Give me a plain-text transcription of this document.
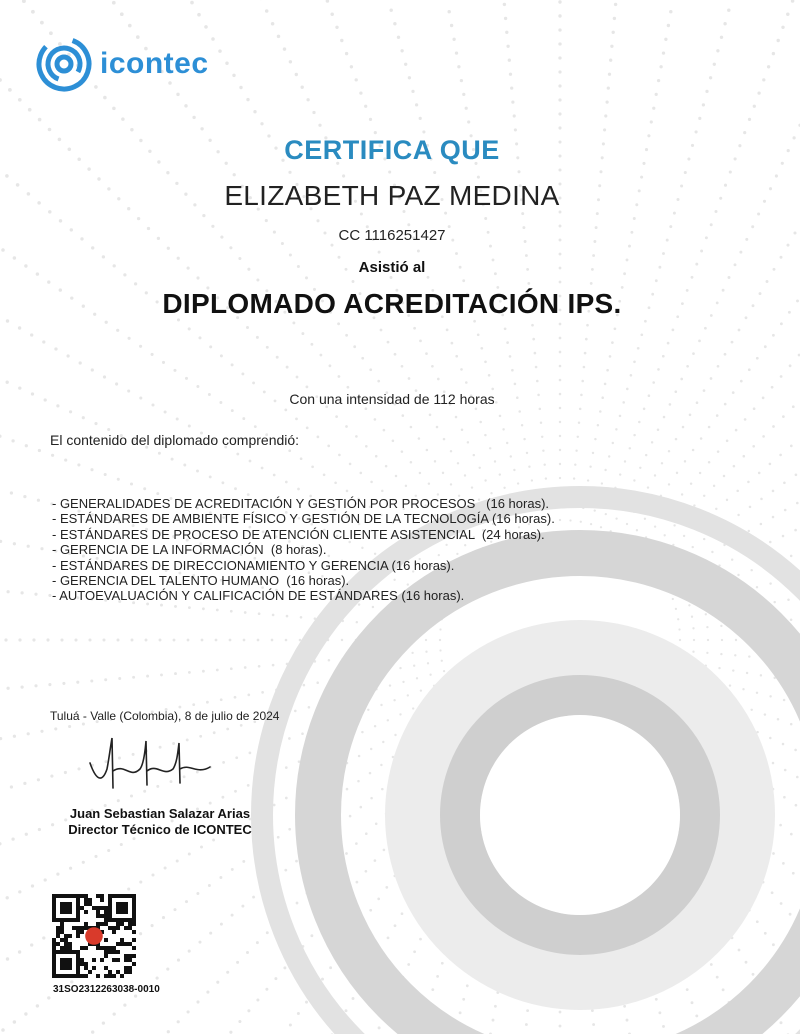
icontec
CERTIFICA QUE
ELIZABETH PAZ MEDINA
CC 1116251427
Asistió al
DIPLOMADO ACREDITACIÓN IPS.
Con una intensidad de 112 horas
El contenido del diplomado comprendió:
- GENERALIDADES DE ACREDITACIÓN Y GESTIÓN POR PROCESOS   (16 horas).
- ESTÁNDARES DE AMBIENTE FÍSICO Y GESTIÓN DE LA TECNOLOGÍA (16 horas).
- ESTÁNDARES DE PROCESO DE ATENCIÓN CLIENTE ASISTENCIAL  (24 horas).
- GERENCIA DE LA INFORMACIÓN  (8 horas).
- ESTÁNDARES DE DIRECCIONAMIENTO Y GERENCIA (16 horas).
- GERENCIA DEL TALENTO HUMANO  (16 horas).
- AUTOEVALUACIÓN Y CALIFICACIÓN DE ESTÁNDARES (16 horas).
Tuluá - Valle (Colombia), 8 de julio de 2024
Juan Sebastian Salazar Arias
Director Técnico de ICONTEC
31SO2312263038-0010
